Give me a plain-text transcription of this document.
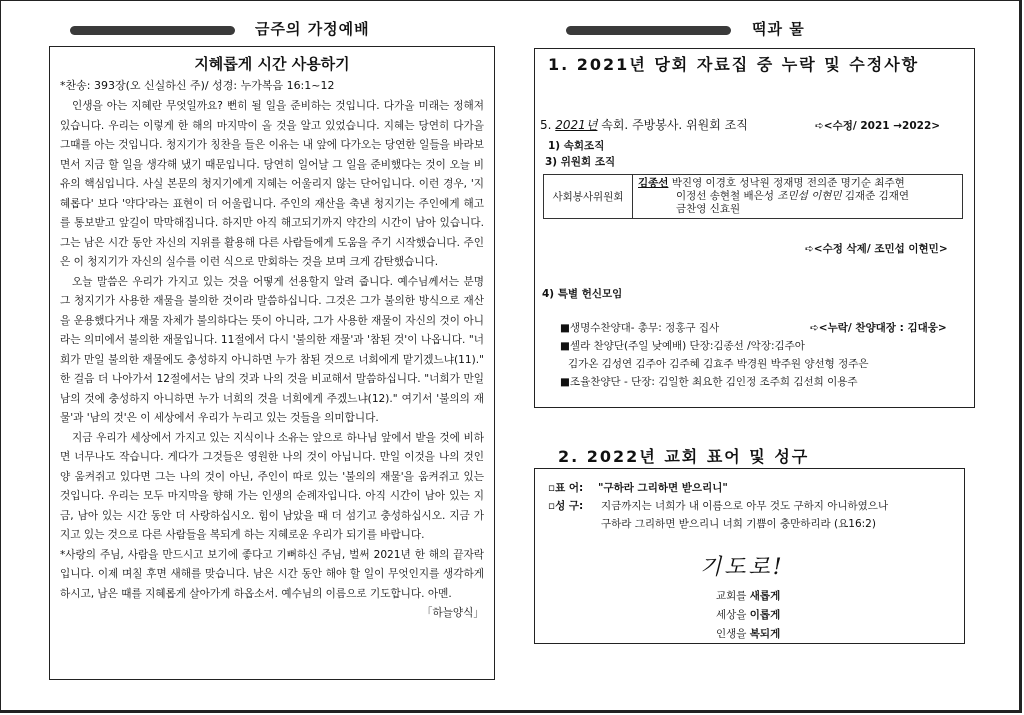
금주의 가정예배	떡과 물
지혜롭게 시간 사용하기
*찬송: 393장(오 신실하신 주)/ 성경: 누가복음 16:1~12

인생을 아는 지혜란 무엇일까요? 뻔히 될 일을 준비하는 것입니다. 다가올 미래는 정해져 있습니다. 우리는 이렇게 한 해의 마지막이 올 것을 알고 있었습니다. 지혜는 당연히 다가올 그때를 아는 것입니다. 청지기가 칭찬을 들은 이유는 내 앞에 다가오는 당연한 일들을 바라보면서 지금 할 일을 생각해 냈기 때문입니다. 당연히 일어날 그 일을 준비했다는 것이 오늘 비유의 핵심입니다. 사실 본문의 청지기에게 지혜는 어울리지 않는 단어입니다. 이런 경우, '지혜롭다' 보다 '약다'라는 표현이 더 어울립니다. 주인의 재산을 축낸 청지기는 주인에게 해고를 통보받고 앞길이 막막해집니다. 하지만 아직 해고되기까지 약간의 시간이 남아 있습니다. 그는 남은 시간 동안 자신의 지위를 활용해 다른 사람들에게 도움을 주기 시작했습니다. 주인은 이 청지기가 자신의 실수를 이런 식으로 만회하는 것을 보며 크게 감탄했습니다.

오늘 말씀은 우리가 가지고 있는 것을 어떻게 선용할지 알려 줍니다. 예수님께서는 분명 그 청지기가 사용한 재물을 불의한 것이라 말씀하십니다. 그것은 그가 불의한 방식으로 재산을 운용했다거나 재물 자체가 불의하다는 뜻이 아니라, 그가 사용한 재물이 자신의 것이 아니라는 의미에서 불의한 재물입니다. 11절에서 다시 '불의한 재물'과 '참된 것'이 나옵니다. "너희가 만일 불의한 재물에도 충성하지 아니하면 누가 참된 것으로 너희에게 맡기겠느냐(11)." 한 걸음 더 나아가서 12절에서는 남의 것과 나의 것을 비교해서 말씀하십니다. "너희가 만일 남의 것에 충성하지 아니하면 누가 너희의 것을 너희에게 주겠느냐(12)." 여기서 '불의의 재물'과 '남의 것'은 이 세상에서 우리가 누리고 있는 것들을 의미합니다.

지금 우리가 세상에서 가지고 있는 지식이나 소유는 앞으로 하나님 앞에서 받을 것에 비하면 너무나도 작습니다. 게다가 그것들은 영원한 나의 것이 아닙니다. 만일 이것을 나의 것인 양 움켜쥐고 있다면 그는 나의 것이 아닌, 주인이 따로 있는 '불의의 재물'을 움켜쥐고 있는 것입니다. 우리는 모두 마지막을 향해 가는 인생의 순례자입니다. 아직 시간이 남아 있는 지금, 남아 있는 시간 동안 더 사랑하십시오. 힘이 남았을 때 더 섬기고 충성하십시오. 지금 가지고 있는 것으로 다른 사람들을 복되게 하는 지혜로운 우리가 되기를 바랍니다.

*사랑의 주님, 사람을 만드시고 보기에 좋다고 기뻐하신 주님, 벌써 2021년 한 해의 끝자락입니다. 이제 며칠 후면 새해를 맞습니다. 남은 시간 동안 해야 할 일이 무엇인지를 생각하게 하시고, 남은 때를 지혜롭게 살아가게 하옵소서. 예수님의 이름으로 기도합니다. 아멘.
「하늘양식」

1. 2021년 당회 자료집 중 누락 및 수정사항
5. 2021년 속회. 주방봉사. 위원회 조직	➪<수정/ 2021 →2022>
1) 속회조직
3) 위원회 조직
사회봉사위원회	
김종선 박진영 이경호 성낙원 정재명 전의준 명기순 최주현
이정선 송현철 배은성 조민섭 이현민 김재준 김재연
금찬영 신효원
➪<수정 삭제/ 조민섭 이현민>
4) 특별 헌신모임
■생명수찬양대- 총무: 정홍구 집사	➪<누락/ 찬양대장 : 김대웅>
■셀라 찬양단(주일 낮예배) 단장:김종선 /악장:김주아
김가온 김성연 김주아 김주혜 김효주 박경원 박주원 양선형 정주은
■조율찬양단 - 단장: 김일한 최요한 김인정 조주희 김선희 이용주
2. 2022년 교회 표어 및 성구
▫표 어: "구하라 그리하면 받으리니"
▫성 구: 지금까지는 너희가 내 이름으로 아무 것도 구하지 아니하였으나
구하라 그리하면 받으리니 너희 기쁨이 충만하리라 (요16:2)
기도로!
교회를 새롭게
세상을 이롭게
인생을 복되게
